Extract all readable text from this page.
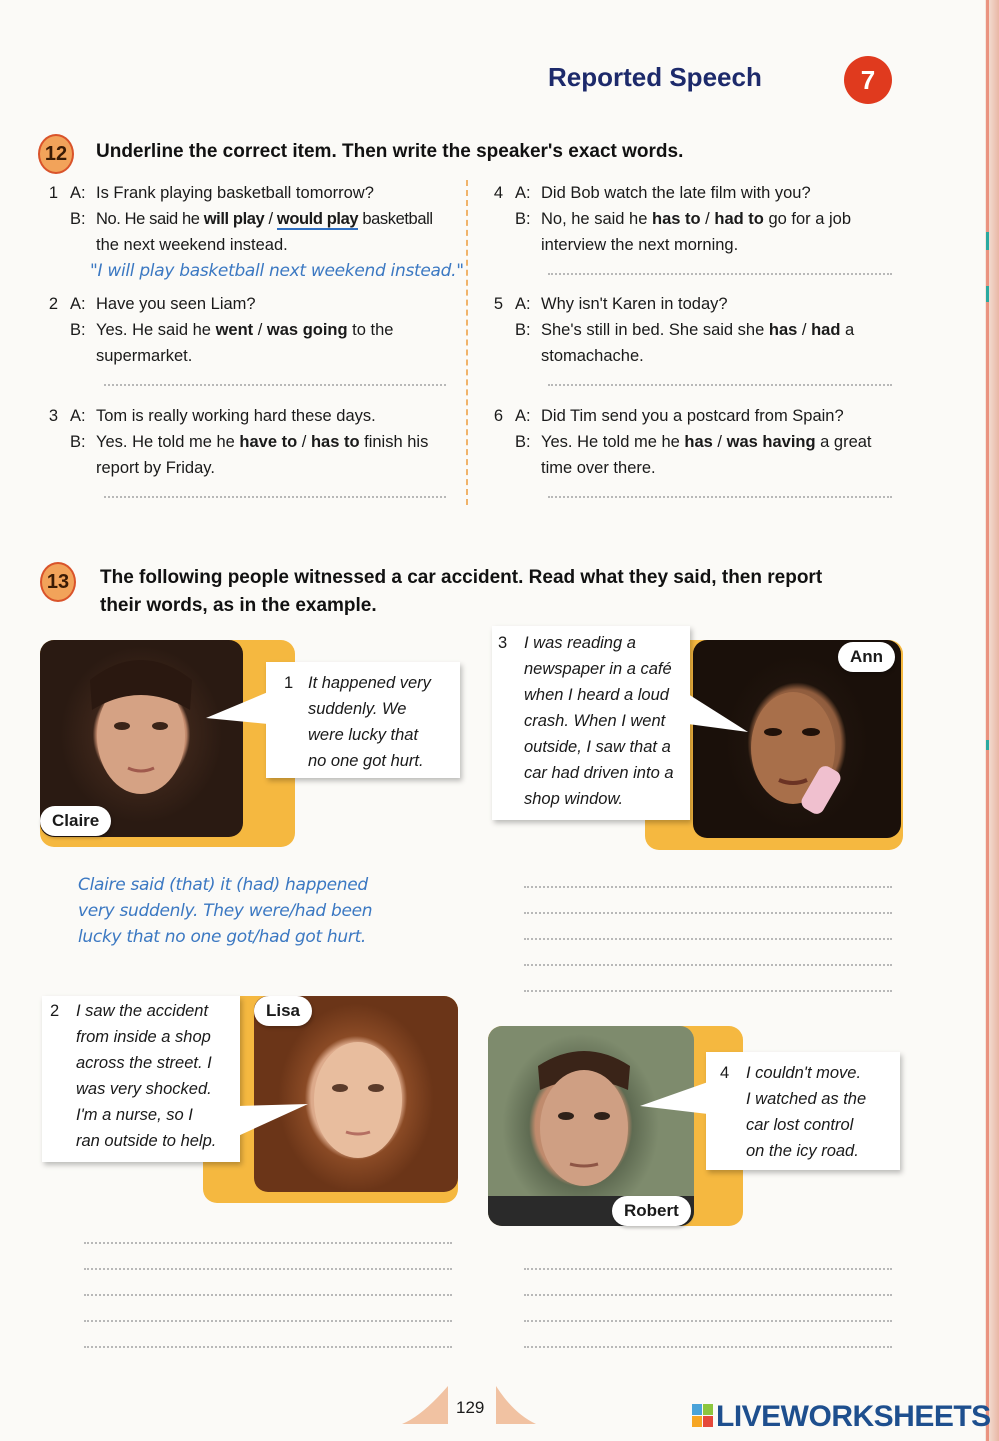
Reported Speech	7
12	Underline the correct item. Then write the speaker's exact words.
1 A: Is Frank playing basketball tomorrow?
B: No. He said he will play / would play basketball
the next weekend instead.
"I will play basketball next weekend instead."
2 A: Have you seen Liam?
B: Yes. He said he went / was going to the
supermarket.
3 A: Tom is really working hard these days.
B: Yes. He told me he have to / has to finish his
report by Friday.
4 A: Did Bob watch the late film with you?
B: No, he said he has to / had to go for a job
interview the next morning.
5 A: Why isn't Karen in today?
B: She's still in bed. She said she has / had a
stomachache.
6 A: Did Tim send you a postcard from Spain?
B: Yes. He told me he has / was having a great
time over there.
13	The following people witnessed a car accident. Read what they said, then report
their words, as in the example.
Claire
1 It happened very
suddenly. We
were lucky that
no one got hurt.
Claire said (that) it (had) happened
very suddenly. They were/had been
lucky that no one got/had got hurt.
Ann
3 I was reading a
newspaper in a café
when I heard a loud
crash. When I went
outside, I saw that a
car had driven into a
shop window.
Lisa
2 I saw the accident
from inside a shop
across the street. I
was very shocked.
I'm a nurse, so I
ran outside to help.
Robert
4 I couldn't move.
I watched as the
car lost control
on the icy road.
129	LIVEWORKSHEETS
